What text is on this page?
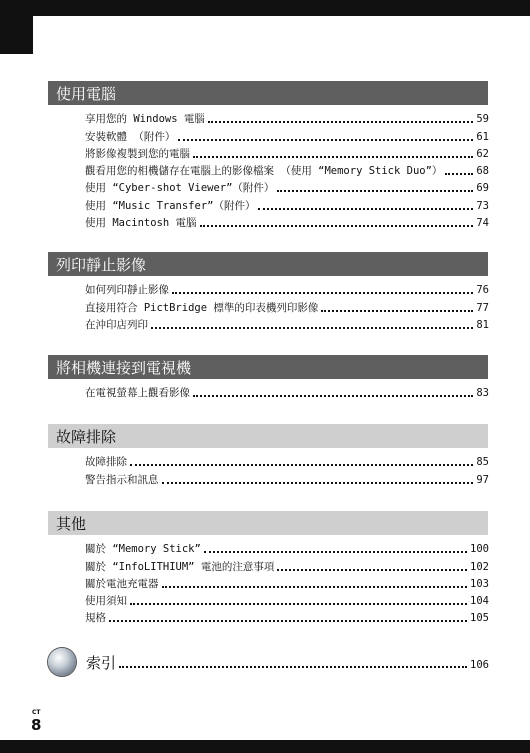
使用電腦
享用您的 Windows 電腦	59
安裝軟體 （附件）	61
將影像複製到您的電腦	62
觀看用您的相機儲存在電腦上的影像檔案 （使用 “Memory Stick Duo”）	68
使用 “Cyber-shot Viewer”（附件）	69
使用 “Music Transfer”（附件）	73
使用 Macintosh 電腦	74
列印靜止影像
如何列印靜止影像	76
直接用符合 PictBridge 標準的印表機列印影像	77
在沖印店列印	81
將相機連接到電視機
在電視螢幕上觀看影像	83
故障排除
故障排除	85
警告指示和訊息	97
其他
關於 “Memory Stick”	100
關於 “InfoLITHIUM” 電池的注意事項	102
關於電池充電器	103
使用須知	104
規格	105
索引	106
CT
8
